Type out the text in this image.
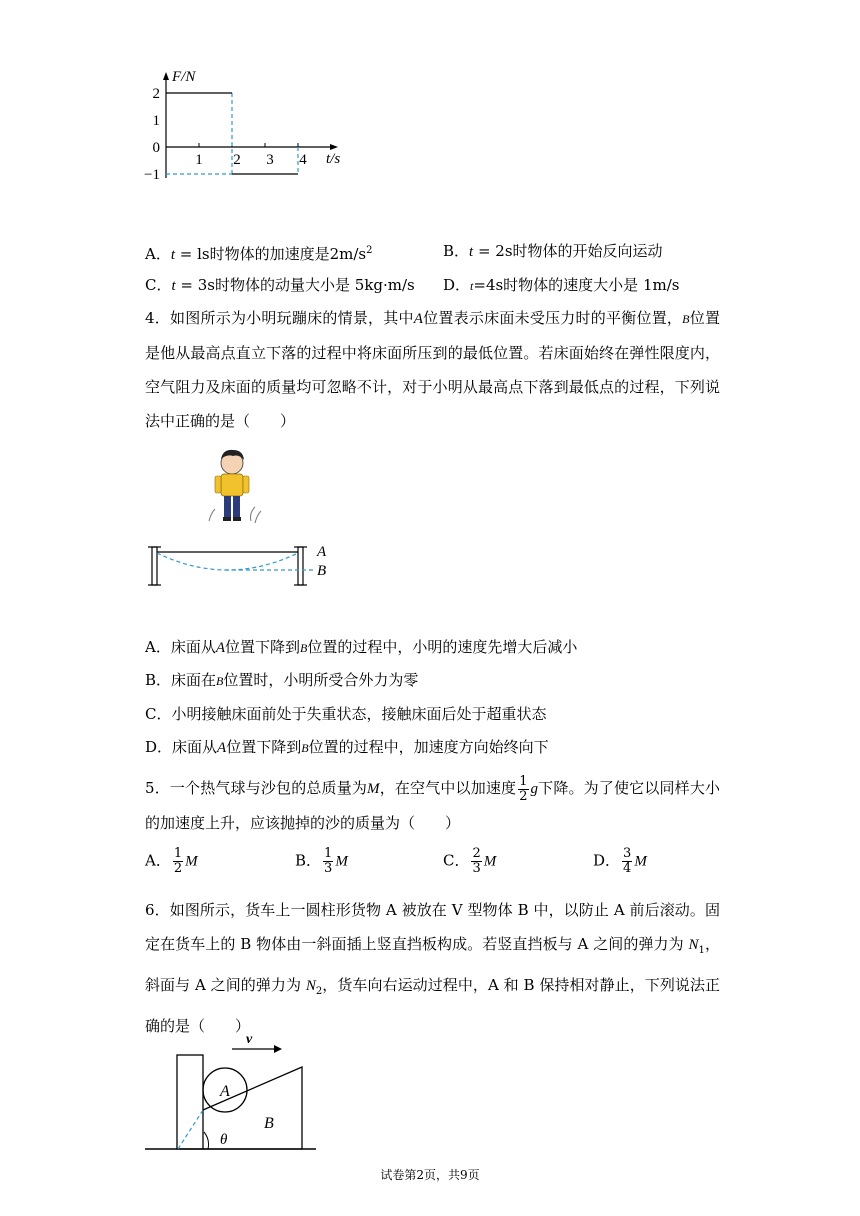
1 2 3 4
2
1
0
−1
F/N
t/s
A．t = ls时物体的加速度是$2m/s^2$	B．t = 2s时物体的开始反向运动
C．t = 3s时物体的动量大小是 5kg·m/s D．t=4s时物体的速度大小是 1m/s
4．如图所示为小明玩蹦床的情景，其中A位置表示床面未受压力时的平衡位置，B位置是他从最高点直立下落的过程中将床面所压到的最低位置。若床面始终在弹性限度内，空气阻力及床面的质量均可忽略不计，对于小明从最高点下落到最低点的过程，下列说法中正确的是（　　）
A
B
A．床面从A位置下降到B位置的过程中，小明的速度先增大后减小
B．床面在B位置时，小明所受合外力为零
C．小明接触床面前处于失重状态，接触床面后处于超重状态
D．床面从A位置下降到B位置的过程中，加速度方向始终向下
5．一个热气球与沙包的总质量为M，在空气中以加速度 $\frac{1}{2}$ g下降。为了使它以同样大小的加速度上升，应该抛掉的沙的质量为（　　）
A． $\frac{1}{2}$ M	B． $\frac{1}{3}$ M	C． $\frac{2}{3}$ M	D． $\frac{3}{4}$ M
6．如图所示，货车上一圆柱形货物 A 被放在 V 型物体 B 中，以防止 A 前后滚动。固定在货车上的 B 物体由一斜面插上竖直挡板构成。若竖直挡板与 A 之间的弹力为 $N_1$，斜面与 A 之间的弹力为 $N_2$，货车向右运动过程中，A 和 B 保持相对静止，下列说法正确的是（　　）
v
A
B
θ
试卷第2页，共9页
